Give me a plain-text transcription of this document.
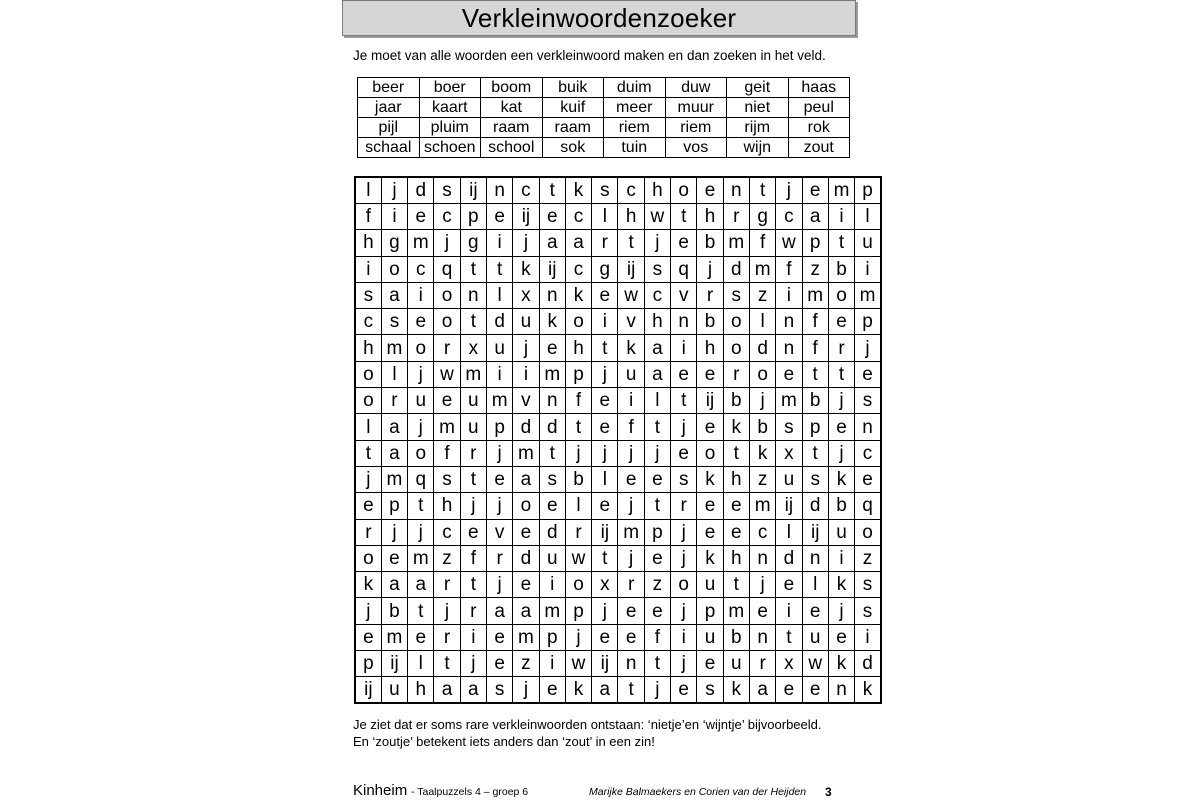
Verkleinwoordenzoeker
Je moet van alle woorden een verkleinwoord maken en dan zoeken in het veld.
beer	boer	boom	buik	duim	duw	geit	haas
jaar	kaart	kat	kuif	meer	muur	niet	peul
pijl	pluim	raam	raam	riem	riem	rijm	rok
schaal	schoen	school	sok	tuin	vos	wijn	zout
l	j	d	s	ij	n	c	t	k	s	c	h	o	e	n	t	j	e	m	p
f	i	e	c	p	e	ij	e	c	l	h	w	t	h	r	g	c	a	i	l
h	g	m	j	g	i	j	a	a	r	t	j	e	b	m	f	w	p	t	u
i	o	c	q	t	t	k	ij	c	g	ij	s	q	j	d	m	f	z	b	i
s	a	i	o	n	l	x	n	k	e	w	c	v	r	s	z	i	m	o	m
c	s	e	o	t	d	u	k	o	i	v	h	n	b	o	l	n	f	e	p
h	m	o	r	x	u	j	e	h	t	k	a	i	h	o	d	n	f	r	j
o	l	j	w	m	i	i	m	p	j	u	a	e	e	r	o	e	t	t	e
o	r	u	e	u	m	v	n	f	e	i	l	t	ij	b	j	m	b	j	s
l	a	j	m	u	p	d	d	t	e	f	t	j	e	k	b	s	p	e	n
t	a	o	f	r	j	m	t	j	j	j	j	e	o	t	k	x	t	j	c
j	m	q	s	t	e	a	s	b	l	e	e	s	k	h	z	u	s	k	e
e	p	t	h	j	j	o	e	l	e	j	t	r	e	e	m	ij	d	b	q
r	j	j	c	e	v	e	d	r	ij	m	p	j	e	e	c	l	ij	u	o
o	e	m	z	f	r	d	u	w	t	j	e	j	k	h	n	d	n	i	z
k	a	a	r	t	j	e	i	o	x	r	z	o	u	t	j	e	l	k	s
j	b	t	j	r	a	a	m	p	j	e	e	j	p	m	e	i	e	j	s
e	m	e	r	i	e	m	p	j	e	e	f	i	u	b	n	t	u	e	i
p	ij	l	t	j	e	z	i	w	ij	n	t	j	e	u	r	x	w	k	d
ij	u	h	a	a	s	j	e	k	a	t	j	e	s	k	a	e	e	n	k
Je ziet dat er soms rare verkleinwoorden ontstaan: ‘nietje’en ‘wijntje’ bijvoorbeeld.
En ‘zoutje’ betekent iets anders dan ‘zout’ in een zin!
Kinheim - Taalpuzzels 4 – groep 6	Marijke Balmaekers en Corien van der Heijden 3
